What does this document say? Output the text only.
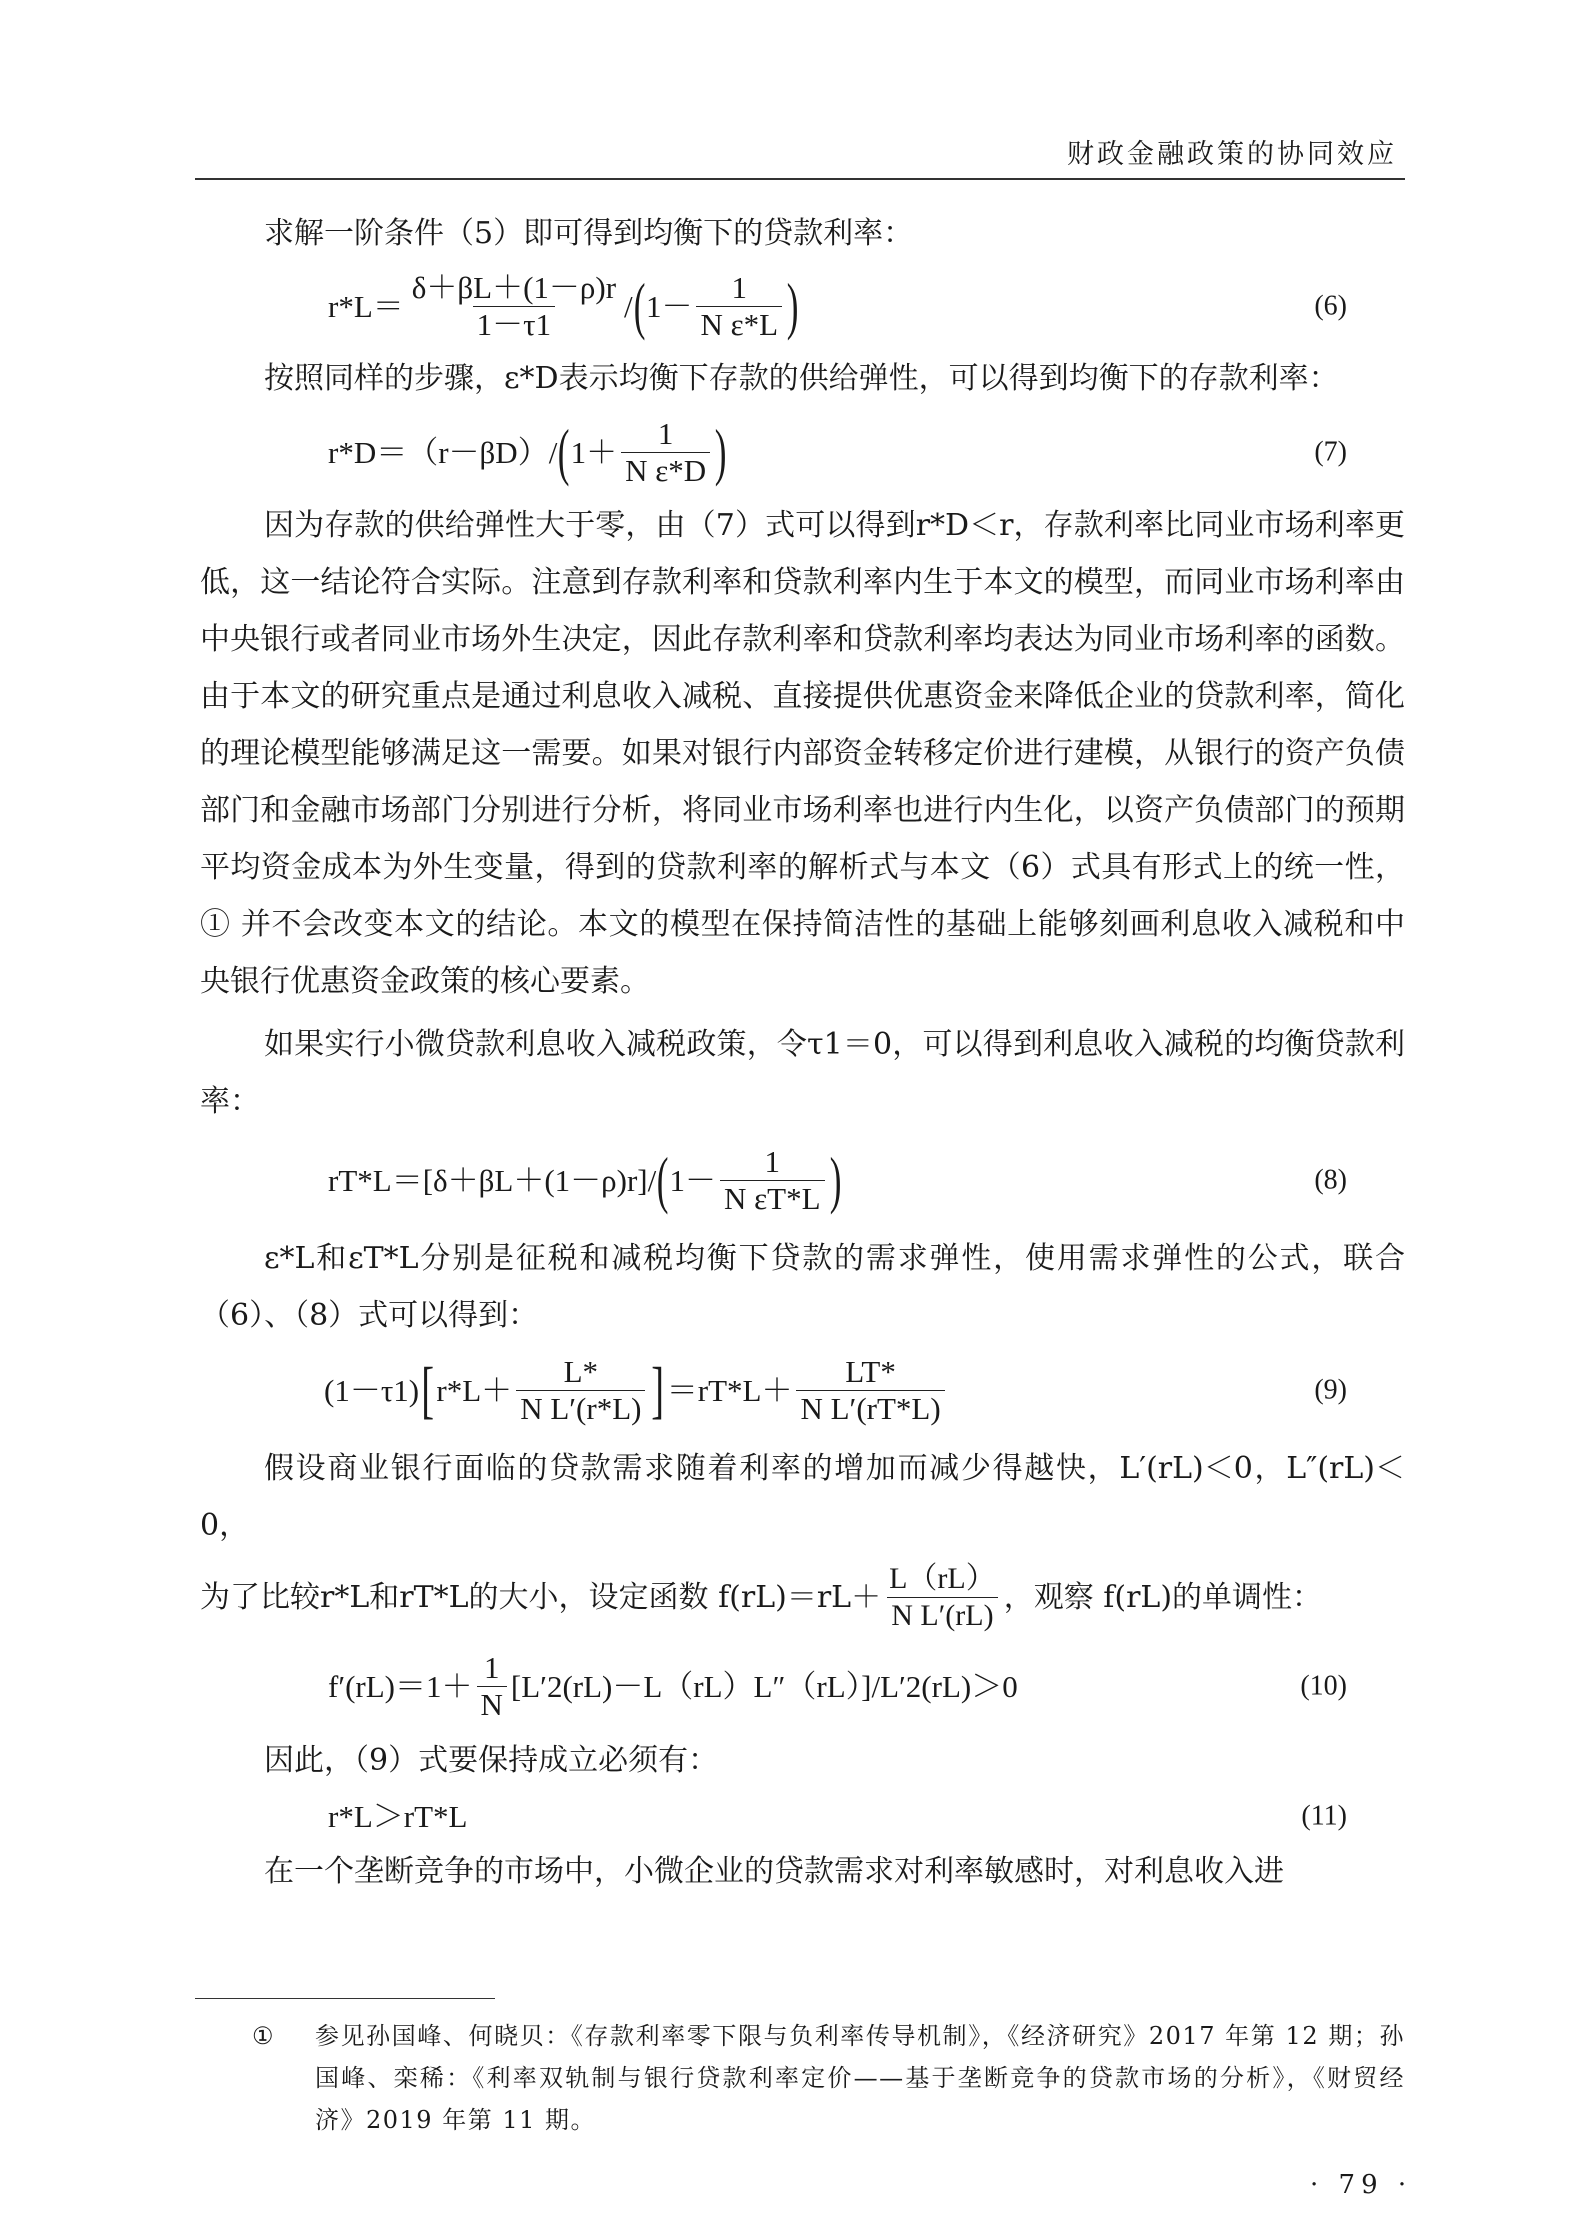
财政金融政策的协同效应

求解一阶条件（5）即可得到均衡下的贷款利率：

$r*L= \frac{\delta+\beta L+(1-\rho)r}{1-\tau 1}$ / ( $1- \frac{1}{\text{N ε*L}}$ )	(6)

按照同样的步骤，ε*D表示均衡下存款的供给弹性，可以得到均衡下的存款利率：

r*D＝（r－βD）/ ( $1+ \frac{1}{\text{N ε*D}}$ )	(7)

因为存款的供给弹性大于零，由（7）式可以得到r*D＜r，存款利率比同业市场利率更低，这一结论符合实际。注意到存款利率和贷款利率内生于本文的模型，而同业市场利率由中央银行或者同业市场外生决定，因此存款利率和贷款利率均表达为同业市场利率的函数。由于本文的研究重点是通过利息收入减税、直接提供优惠资金来降低企业的贷款利率，简化的理论模型能够满足这一需要。如果对银行内部资金转移定价进行建模，从银行的资产负债部门和金融市场部门分别进行分析，将同业市场利率也进行内生化，以资产负债部门的预期平均资金成本为外生变量，得到的贷款利率的解析式与本文（6）式具有形式上的统一性，① 并不会改变本文的结论。本文的模型在保持简洁性的基础上能够刻画利息收入减税和中央银行优惠资金政策的核心要素。

如果实行小微贷款利息收入减税政策，令τ1＝0，可以得到利息收入减税的均衡贷款利率：

rT*L＝[δ＋βL＋(1－ρ)r]/ ( $1- \frac{1}{\text{N εT*L}}$ )	(8)

ε*L和εT*L分别是征税和减税均衡下贷款的需求弹性，使用需求弹性的公式，联合（6）、（8）式可以得到：

(1－τ1) [ $r*L+ \frac{L*}{\text{N L′(r*L)}}$ ] $=rT*L+ \frac{LT*}{\text{N L′(rT*L)}}$	(9)

假设商业银行面临的贷款需求随着利率的增加而减少得越快，L′(rL)＜0，L″(rL)＜0，

为了比较r*L和rT*L的大小，设定函数 $f(rL)=rL+ \frac{L(rL)}{\text{N L′(rL)}}$ ，观察 f(rL)的单调性：
$f'(rL)=1+ \frac{1}{N} [L'2(rL)-L(rL)L''(rL)]/L'2(rL)>0$	(10)

因此，（9）式要保持成立必须有：

r*L＞rT*L	(11)

在一个垄断竞争的市场中，小微企业的贷款需求对利率敏感时，对利息收入进

① 参见孙国峰、何晓贝：《存款利率零下限与负利率传导机制》，《经济研究》2017 年第 12 期；孙国峰、栾稀：《利率双轨制与银行贷款利率定价——基于垄断竞争的贷款市场的分析》，《财贸经济》2019 年第 11 期。
· 79 ·
